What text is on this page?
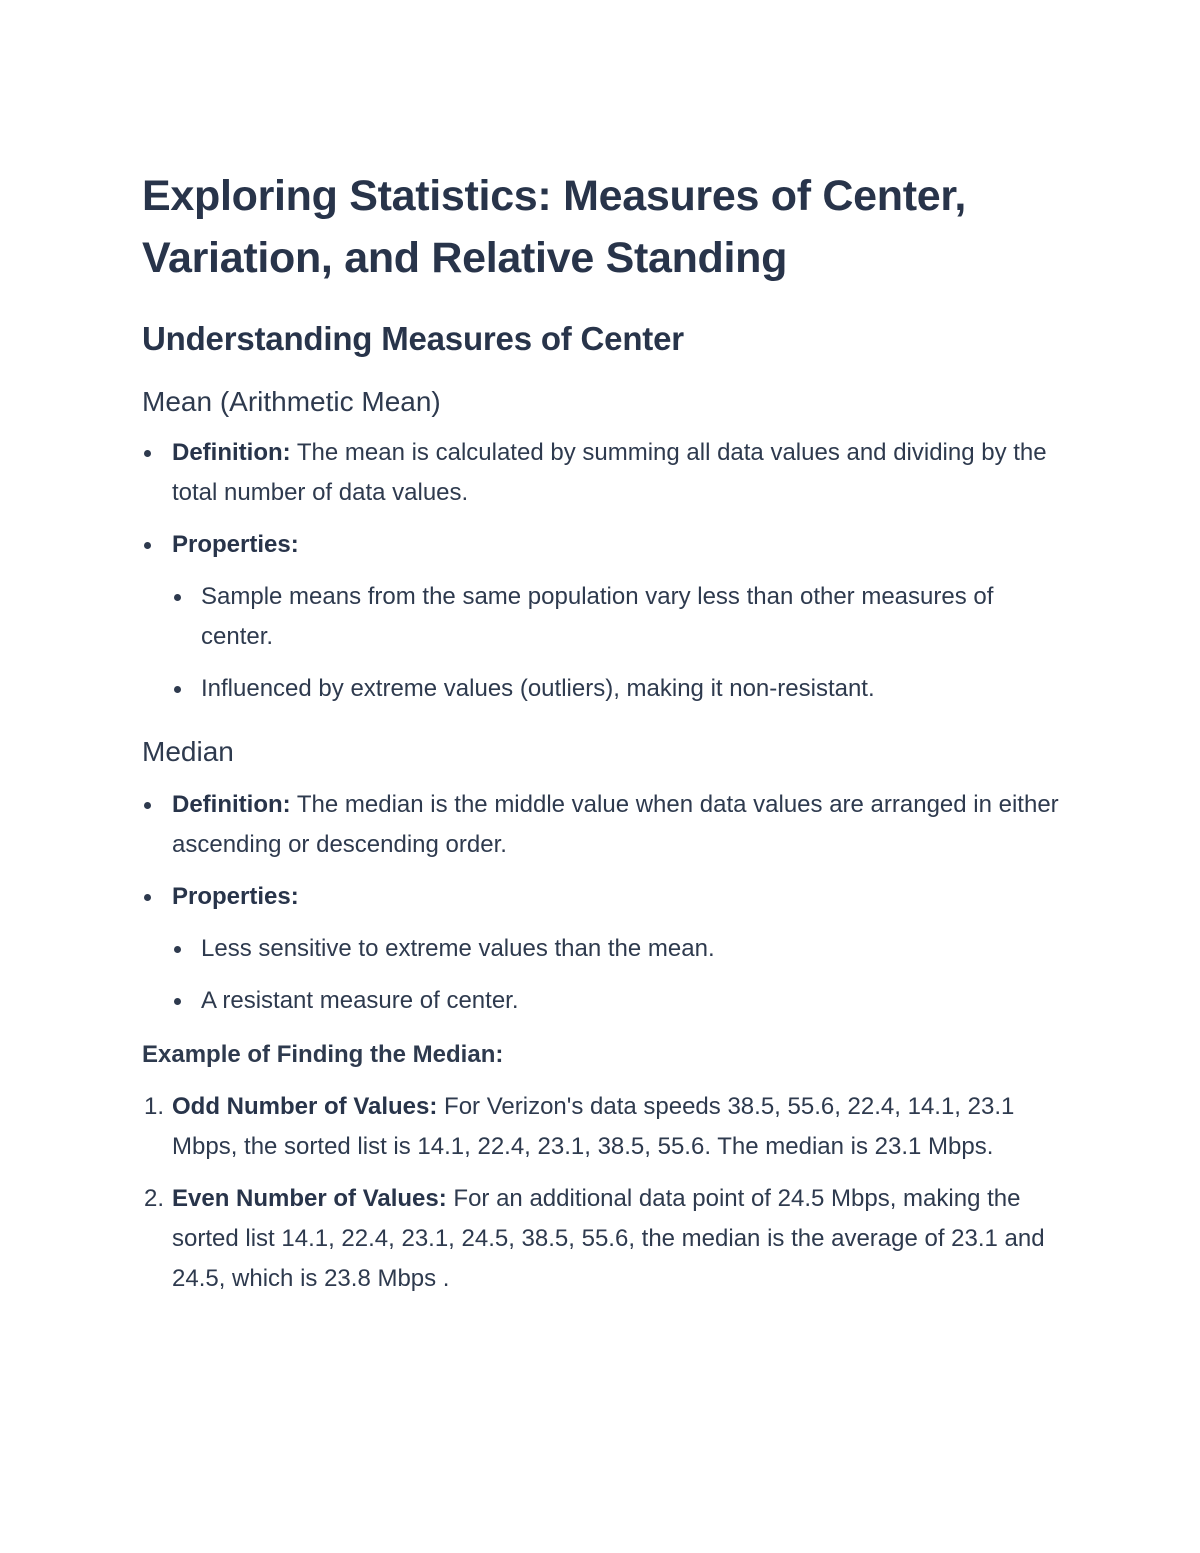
Exploring Statistics: Measures of Center, Variation, and Relative Standing
Understanding Measures of Center
Mean (Arithmetic Mean)
Definition: The mean is calculated by summing all data values and dividing by the total number of data values.
Properties:
Sample means from the same population vary less than other measures of center.
Influenced by extreme values (outliers), making it non-resistant.
Median
Definition: The median is the middle value when data values are arranged in either ascending or descending order.
Properties:
Less sensitive to extreme values than the mean.
A resistant measure of center.
Example of Finding the Median:
1. Odd Number of Values: For Verizon's data speeds 38.5, 55.6, 22.4, 14.1, 23.1 Mbps, the sorted list is 14.1, 22.4, 23.1, 38.5, 55.6. The median is 23.1 Mbps.
2. Even Number of Values: For an additional data point of 24.5 Mbps, making the sorted list 14.1, 22.4, 23.1, 24.5, 38.5, 55.6, the median is the average of 23.1 and 24.5, which is 23.8 Mbps .
